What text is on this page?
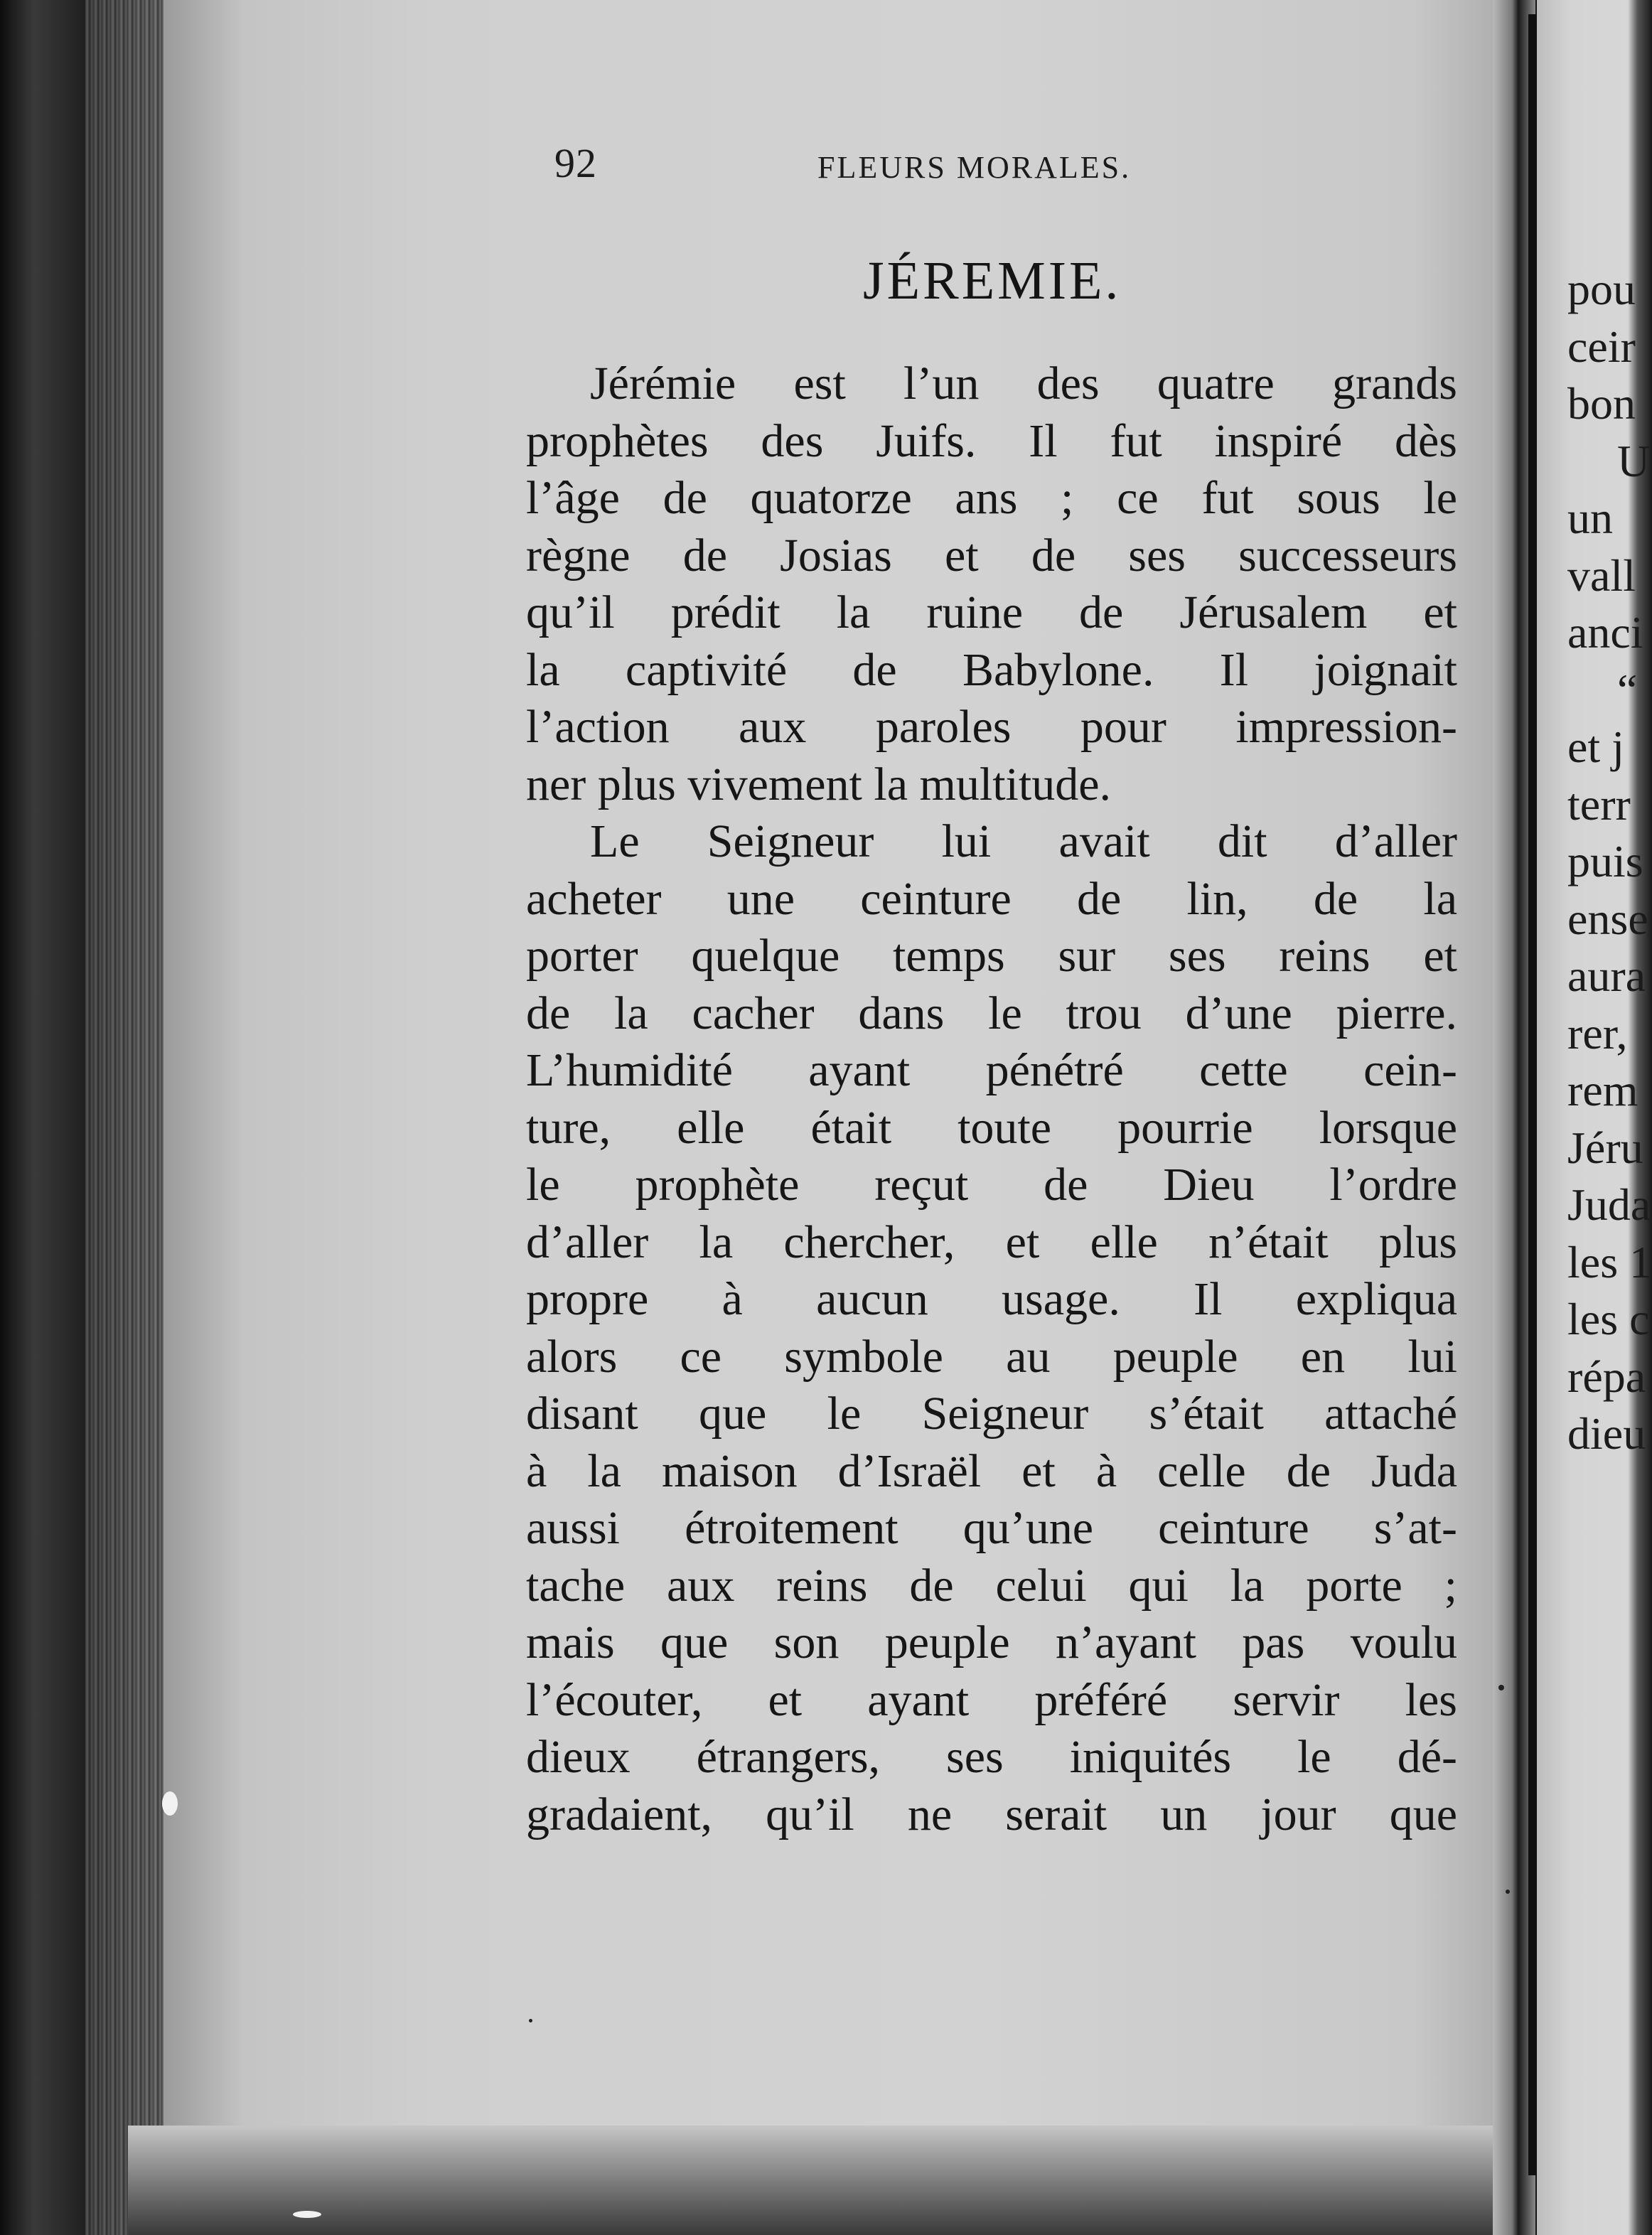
92	FLEURS MORALES.
JÉREMIE.
Jérémie est l’un des quatre grands
prophètes des Juifs. Il fut inspiré dès
l’âge de quatorze ans ; ce fut sous le
règne de Josias et de ses successeurs
qu’il prédit la ruine de Jérusalem et
la captivité de Babylone. Il joignait
l’action aux paroles pour impression-
ner plus vivement la multitude.
Le Seigneur lui avait dit d’aller
acheter une ceinture de lin, de la
porter quelque temps sur ses reins et
de la cacher dans le trou d’une pierre.
L’humidité ayant pénétré cette cein-
ture, elle était toute pourrie lorsque
le prophète reçut de Dieu l’ordre
d’aller la chercher, et elle n’était plus
propre à aucun usage. Il expliqua
alors ce symbole au peuple en lui
disant que le Seigneur s’était attaché
à la maison d’Israël et à celle de Juda
aussi étroitement qu’une ceinture s’at-
tache aux reins de celui qui la porte ;
mais que son peuple n’ayant pas voulu
l’écouter, et ayant préféré servir les
dieux étrangers, ses iniquités le dé-
gradaient, qu’il ne serait un jour que
pou
ceir
bon
U
un
vall
anci
“
et j
terr
puis
ense
aura
rer,
rem
Jéru
Juda
les 1
les c
répa
dieu
